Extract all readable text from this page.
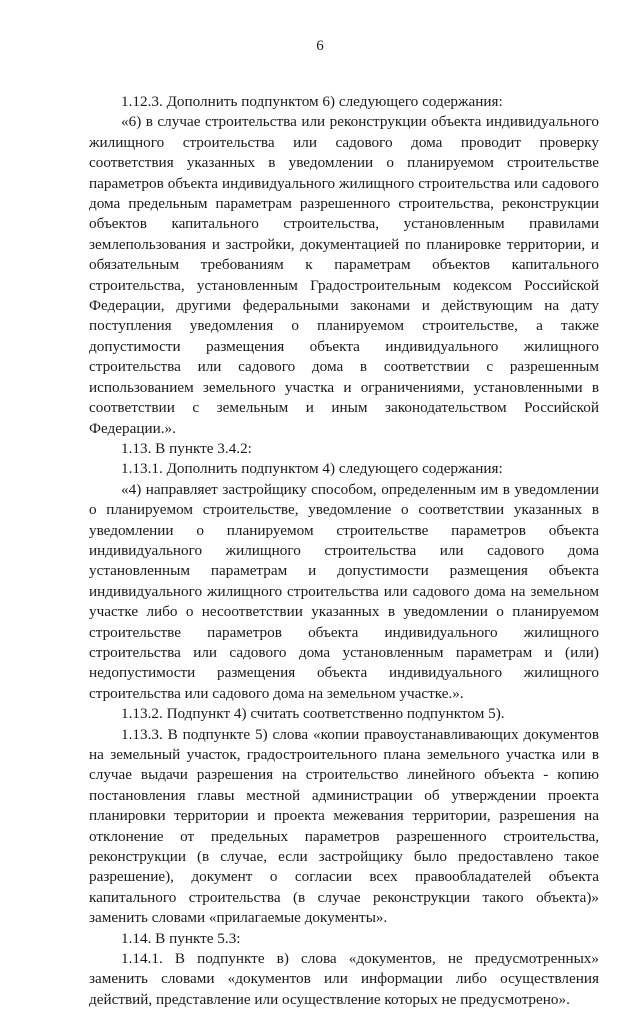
6

1.12.3. Дополнить подпунктом 6) следующего содержания:

«6) в случае строительства или реконструкции объекта индивидуального жилищного строительства или садового дома проводит проверку соответствия указанных в уведомлении о планируемом строительстве параметров объекта индивидуального жилищного строительства или садового дома предельным параметрам разрешенного строительства, реконструкции объектов капитального строительства, установленным правилами землепользования и застройки, документацией по планировке территории, и обязательным требованиям к параметрам объектов капитального строительства, установленным Градостроительным кодексом Российской Федерации, другими федеральными законами и действующим на дату поступления уведомления о планируемом строительстве, а также допустимости размещения объекта индивидуального жилищного строительства или садового дома в соответствии с разрешенным использованием земельного участка и ограничениями, установленными в соответствии с земельным и иным законодательством Российской Федерации.».

1.13. В пункте 3.4.2:

1.13.1. Дополнить подпунктом 4) следующего содержания:

«4) направляет застройщику способом, определенным им в уведомлении о планируемом строительстве, уведомление о соответствии указанных в уведомлении о планируемом строительстве параметров объекта индивидуального жилищного строительства или садового дома установленным параметрам и допустимости размещения объекта индивидуального жилищного строительства или садового дома на земельном участке либо о несоответствии указанных в уведомлении о планируемом строительстве параметров объекта индивидуального жилищного строительства или садового дома установленным параметрам и (или) недопустимости размещения объекта индивидуального жилищного строительства или садового дома на земельном участке.».

1.13.2. Подпункт 4) считать соответственно подпунктом 5).

1.13.3. В подпункте 5) слова «копии правоустанавливающих документов на земельный участок, градостроительного плана земельного участка или в случае выдачи разрешения на строительство линейного объекта - копию постановления главы местной администрации об утверждении проекта планировки территории и проекта межевания территории, разрешения на отклонение от предельных параметров разрешенного строительства, реконструкции (в случае, если застройщику было предоставлено такое разрешение), документ о согласии всех правообладателей объекта капитального строительства (в случае реконструкции такого объекта)» заменить словами «прилагаемые документы».

1.14. В пункте 5.3:

1.14.1. В подпункте в) слова «документов, не предусмотренных» заменить словами «документов или информации либо осуществления действий, представление или осуществление которых не предусмотрено».
